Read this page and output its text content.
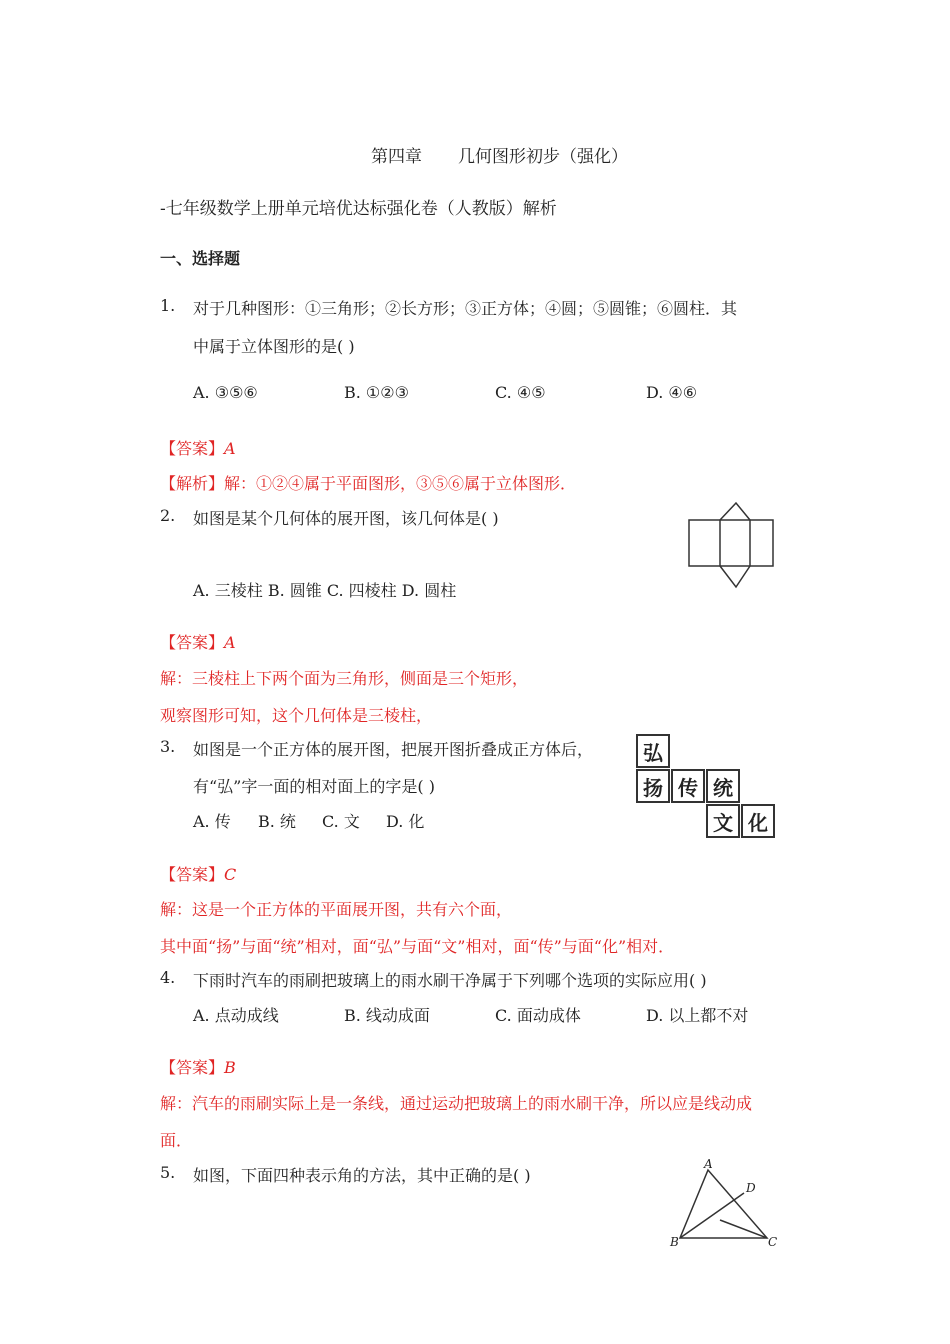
第四章 几何图形初步（强化）
-七年级数学上册单元培优达标强化卷（人教版）解析
一、选择题
1. 对于几种图形：①三角形；②长方形；③正方体；④圆；⑤圆锥；⑥圆柱．其
中属于立体图形的是( )
A. ③⑤⑥	B. ①②③	C. ④⑤	D. ④⑥
【答案】A
【解析】解：①②④属于平面图形，③⑤⑥属于立体图形．
2. 如图是某个几何体的展开图，该几何体是( )
A. 三棱柱 B. 圆锥 C. 四棱柱 D. 圆柱
【答案】A
解：三棱柱上下两个面为三角形，侧面是三个矩形，
观察图形可知，这个几何体是三棱柱，
3. 如图是一个正方体的展开图，把展开图折叠成正方体后，
有“弘”字一面的相对面上的字是( )
A. 传 B. 统 C. 文 D. 化
弘
扬 传 统
文 化
【答案】C
解：这是一个正方体的平面展开图，共有六个面，
其中面“扬”与面“统”相对，面“弘”与面“文”相对，面“传”与面“化”相对．
4. 下雨时汽车的雨刷把玻璃上的雨水刷干净属于下列哪个选项的实际应用( )
A. 点动成线	B. 线动成面	C. 面动成体	D. 以上都不对
【答案】B
解：汽车的雨刷实际上是一条线，通过运动把玻璃上的雨水刷干净，所以应是线动成
面．
5. 如图，下面四种表示角的方法，其中正确的是( )
A
D
B	C
